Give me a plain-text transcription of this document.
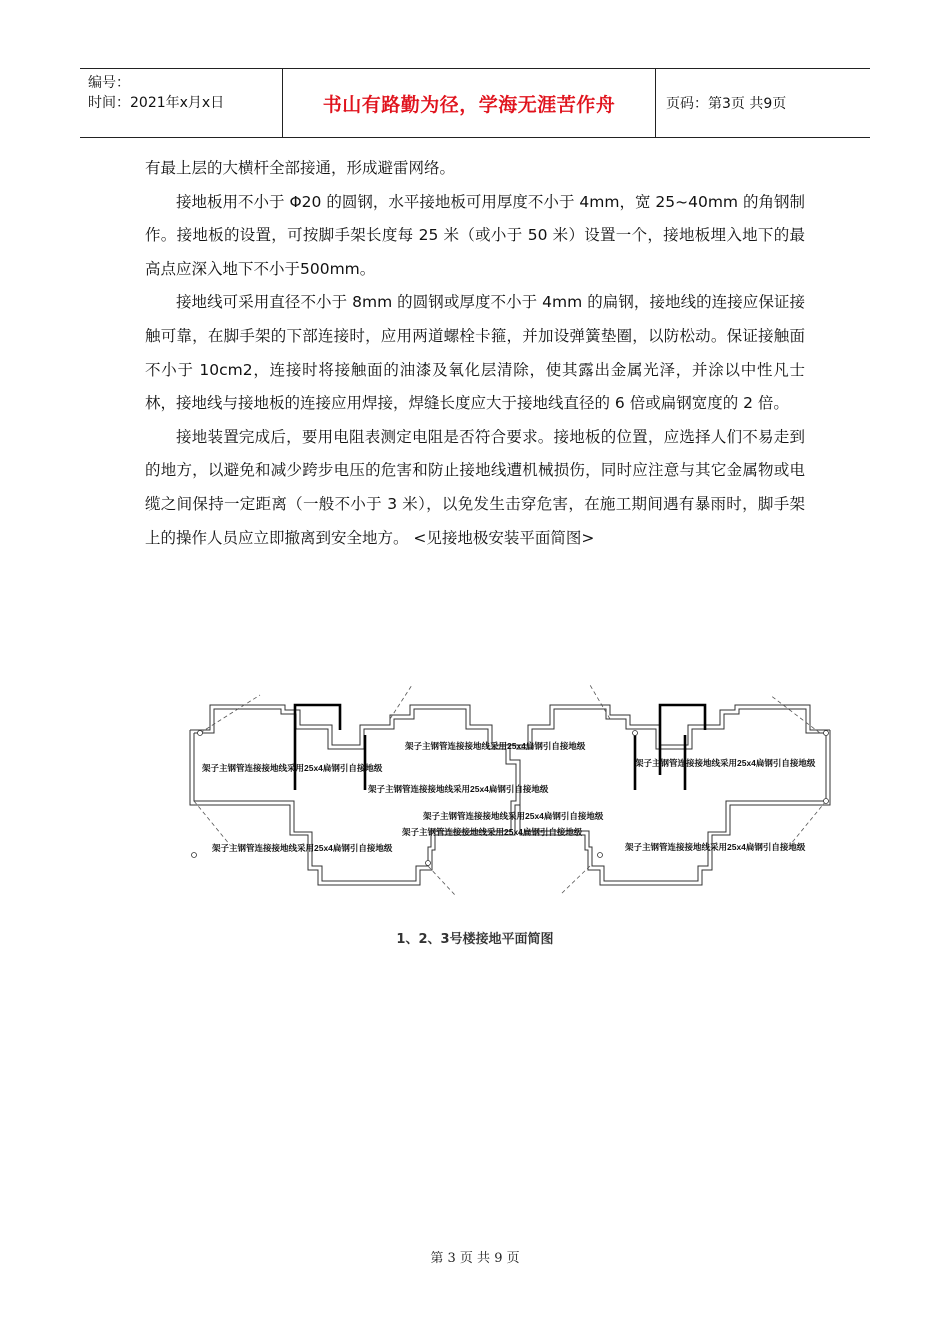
编号：
时间：2021年x月x日	书山有路勤为径，学海无涯苦作舟	页码：第3页 共9页

有最上层的大横杆全部接通，形成避雷网络。

接地板用不小于 Φ20 的圆钢，水平接地板可用厚度不小于 4mm，宽 25~40mm 的角钢制作。接地板的设置，可按脚手架长度每 25 米（或小于 50 米）设置一个，接地板埋入地下的最高点应深入地下不小于500mm。

接地线可采用直径不小于 8mm 的圆钢或厚度不小于 4mm 的扁钢，接地线的连接应保证接触可靠，在脚手架的下部连接时，应用两道螺栓卡箍，并加设弹簧垫圈，以防松动。保证接触面不小于 10cm2，连接时将接触面的油漆及氧化层清除，使其露出金属光泽，并涂以中性凡士林，接地线与接地板的连接应用焊接，焊缝长度应大于接地线直径的 6 倍或扁钢宽度的 2 倍。

接地装置完成后，要用电阻表测定电阻是否符合要求。接地板的位置，应选择人们不易走到的地方，以避免和减少跨步电压的危害和防止接地线遭机械损伤，同时应注意与其它金属物或电缆之间保持一定距离（一般不小于 3 米），以免发生击穿危害，在施工期间遇有暴雨时，脚手架上的操作人员应立即撤离到安全地方。 <见接地极安装平面简图>

架子主钢管连接接地线采用25x4扁钢引自接地级
架子主钢管连接接地线采用25x4扁钢引自接地级	架子主钢管连接接地线采用25x4扁钢引自接地级
架子主钢管连接接地线采用25x4扁钢引自接地级
架子主钢管连接接地线采用25x4扁钢引自接地级
架子主钢管连接接地线采用25x4扁钢引自接地级
架子主钢管连接接地线采用25x4扁钢引自接地级	架子主钢管连接接地线采用25x4扁钢引自接地级
1、2、3号楼接地平面简图
第 3 页 共 9 页
